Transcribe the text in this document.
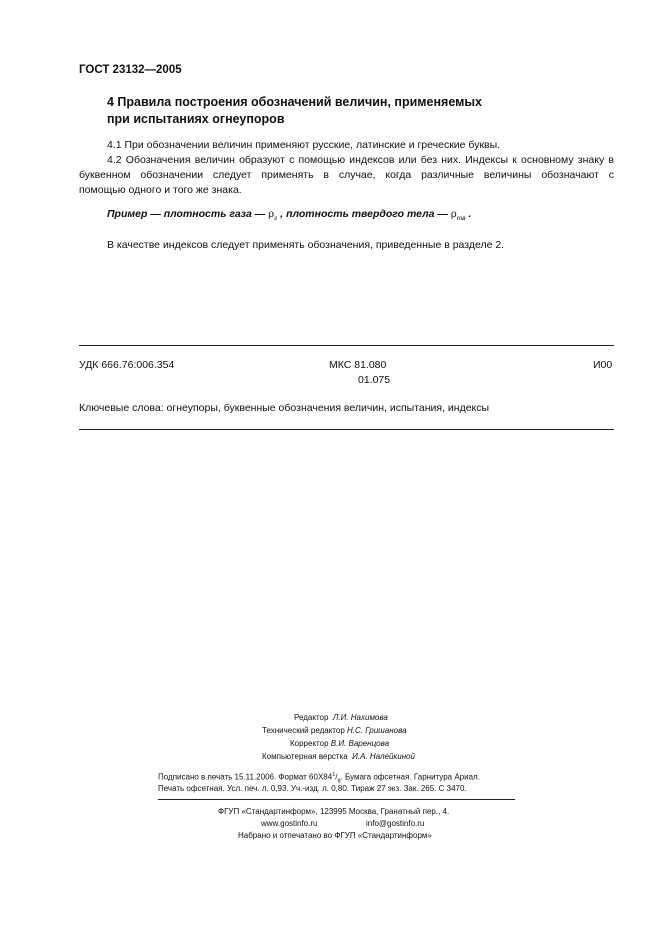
ГОСТ 23132—2005
4 Правила построения обозначений величин, применяемых
при испытаниях огнеупоров
4.1 При обозначении величин применяют русские, латинские и греческие буквы.
4.2 Обозначения величин образуют с помощью индексов или без них. Индексы к основному знаку в
буквенном обозначении следует применять в случае, когда различные величины обозначают с
помощью одного и того же знака.
Пример — плотность газа — $\rho_г$ , плотность твердого тела — $\rho_{тв}$ .
В качестве индексов следует применять обозначения, приведенные в разделе 2.
УДК 666.76:006.354	МКС 81.080
01.075
И00
Ключевые слова: огнеупоры, буквенные обозначения величин, испытания, индексы
Редактор Л.И. Нахимова
Технический редактор Н.С. Гришанова
Корректор В.И. Варенцова
Компьютерная верстка И.А. Налейкиной
Подписано в печать 15.11.2006. Формат $60Х84^1/_8$. Бумага офсетная. Гарнитура Ариал.
Печать офсетная. Усл. печ. л. 0,93. Уч.-изд. л. 0,80. Тираж 27 экз. Зак. 265. С 3470.
ФГУП «Стандартинформ», 123995 Москва, Гранатный пер., 4.
www.gostinfo.ru	info@gostinfo.ru
Набрано и отпечатано во ФГУП «Стандартинформ»
